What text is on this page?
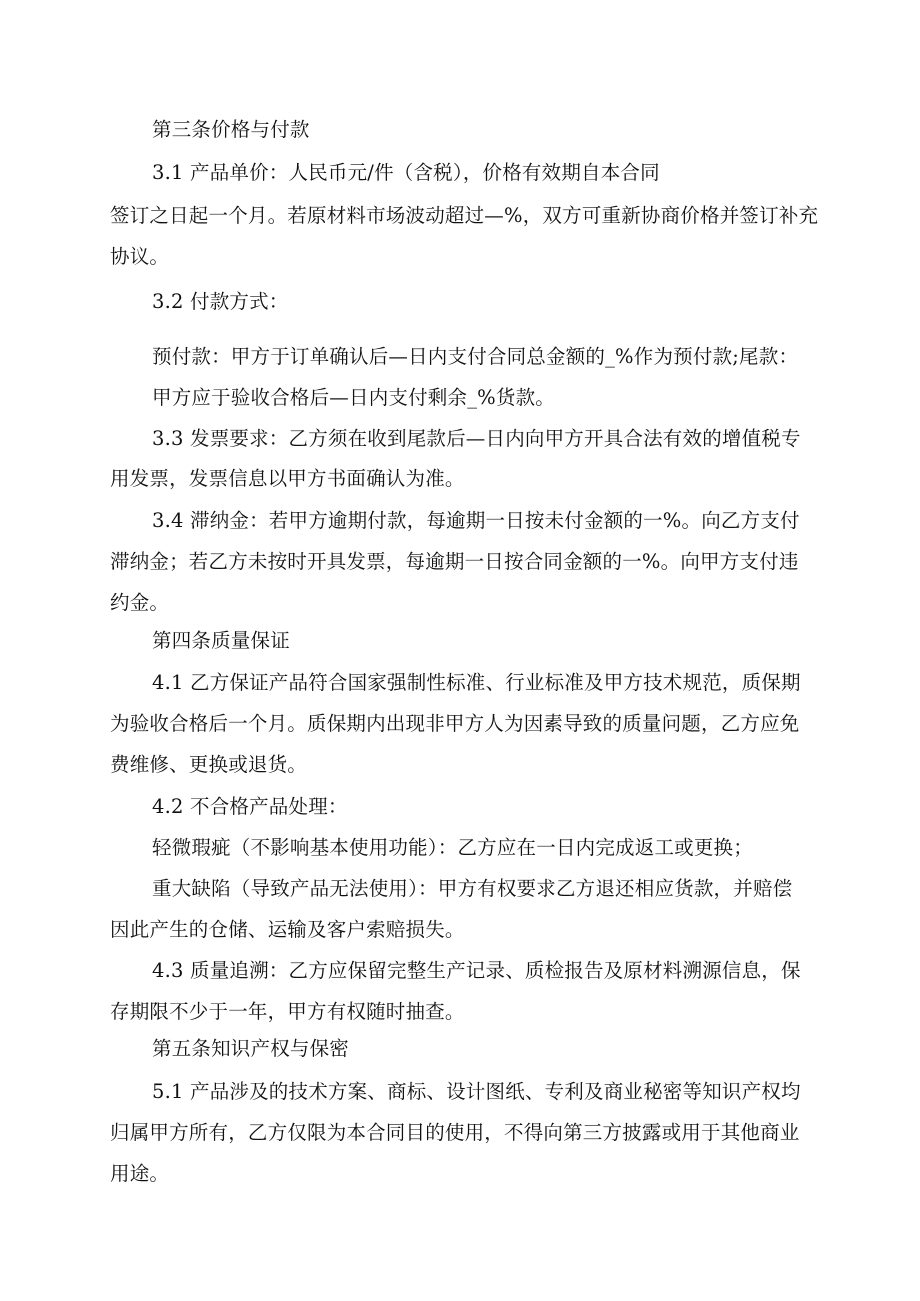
第三条价格与付款
3.1 产品单价：人民币元/件（含税），价格有效期自本合同
签订之日起一个月。若原材料市场波动超过—%，双方可重新协商价格并签订补充
协议。
3.2 付款方式：
预付款：甲方于订单确认后—日内支付合同总金额的_%作为预付款;尾款：
甲方应于验收合格后—日内支付剩余_%货款。
3.3 发票要求：乙方须在收到尾款后—日内向甲方开具合法有效的增值税专
用发票，发票信息以甲方书面确认为准。
3.4 滞纳金：若甲方逾期付款，每逾期一日按未付金额的一%。向乙方支付
滞纳金；若乙方未按时开具发票，每逾期一日按合同金额的一%。向甲方支付违
约金。
第四条质量保证
4.1 乙方保证产品符合国家强制性标准、行业标准及甲方技术规范，质保期
为验收合格后一个月。质保期内出现非甲方人为因素导致的质量问题，乙方应免
费维修、更换或退货。
4.2 不合格产品处理：
轻微瑕疵（不影响基本使用功能）：乙方应在一日内完成返工或更换；
重大缺陷（导致产品无法使用）：甲方有权要求乙方退还相应货款，并赔偿
因此产生的仓储、运输及客户索赔损失。
4.3 质量追溯：乙方应保留完整生产记录、质检报告及原材料溯源信息，保
存期限不少于一年，甲方有权随时抽查。
第五条知识产权与保密
5.1 产品涉及的技术方案、商标、设计图纸、专利及商业秘密等知识产权均
归属甲方所有，乙方仅限为本合同目的使用，不得向第三方披露或用于其他商业
用途。
